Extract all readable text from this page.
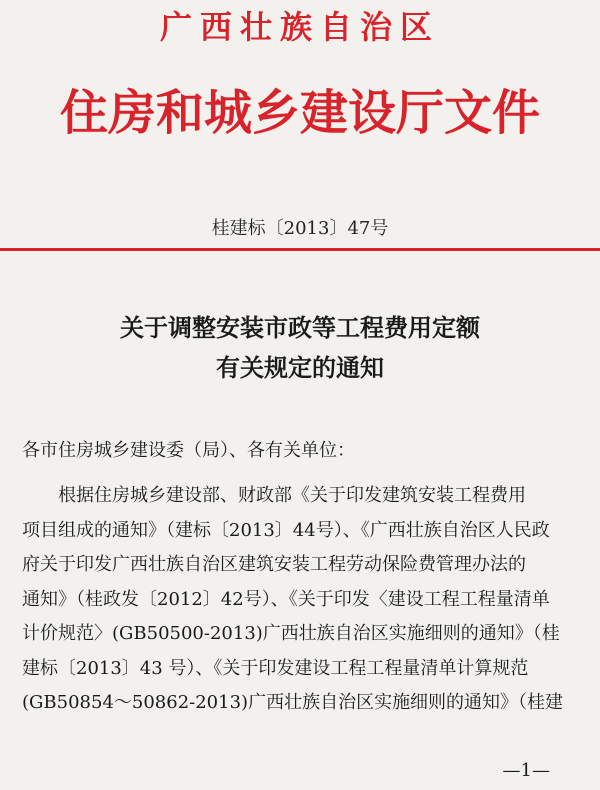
广西壮族自治区
住房和城乡建设厅文件
桂建标〔2013〕47号
关于调整安装市政等工程费用定额
有关规定的通知
各市住房城乡建设委（局）、各有关单位：
根据住房城乡建设部、财政部《关于印发建筑安装工程费用
项目组成的通知》（建标〔2013〕44号）、《广西壮族自治区人民政
府关于印发广西壮族自治区建筑安装工程劳动保险费管理办法的
通知》（桂政发〔2012〕42号）、《关于印发〈建设工程工程量清单
计价规范〉(GB50500-2013)广西壮族自治区实施细则的通知》（桂
建标〔2013〕43 号）、《关于印发建设工程工程量清单计算规范
(GB50854～50862-2013)广西壮族自治区实施细则的通知》（桂建
—1—
